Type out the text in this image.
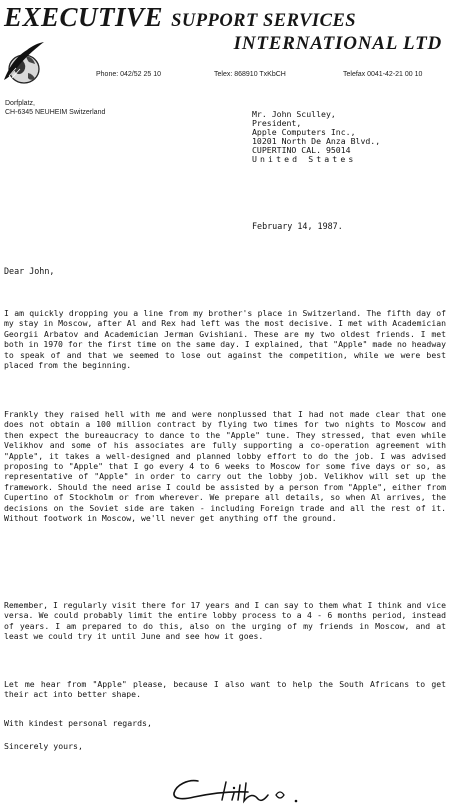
EXECUTIVE SUPPORT SERVICES
INTERNATIONAL LTD
Phone: 042/52 25 10	Telex: 868910 TxKbCH	Telefax 0041-42-21 00 10
Dorfplatz,
CH-6345 NEUHEIM Switzerland	Mr. John Sculley,
President,
Apple Computers Inc.,
10201 North De Anza Blvd.,
CUPERTINO CAL. 95014
United States
February 14, 1987.
Dear John,
I am quickly dropping you a line from my brother's place in Switzerland. The fifth day of my stay in Moscow, after Al and Rex had left was the most decisive. I met with Academician Georgii Arbatov and Academician Jerman Gvishiani. These are my two oldest friends. I met both in 1970 for the first time on the same day. I explained, that "Apple" made no headway to speak of and that we seemed to lose out against the competition, while we were best placed from the beginning.
Frankly they raised hell with me and were nonplussed that I had not made clear that one does not obtain a 100 million contract by flying two times for two nights to Moscow and then expect the bureaucracy to dance to the "Apple" tune. They stressed, that even while Velikhov and some of his associates are fully supporting a co-operation agreement with "Apple", it takes a well-designed and planned lobby effort to do the job. I was advised proposing to "Apple" that I go every 4 to 6 weeks to Moscow for some five days or so, as representative of "Apple" in order to carry out the lobby job. Velikhov will set up the framework. Should the need arise I could be assisted by a person from "Apple", either from Cupertino of Stockholm or from wherever. We prepare all details, so when Al arrives, the decisions on the Soviet side are taken - including Foreign trade and all the rest of it. Without footwork in Moscow, we'll never get anything off the ground.
Remember, I regularly visit there for 17 years and I can say to them what I think and vice versa. We could probably limit the entire lobby process to a 4 - 6 months period, instead of years. I am prepared to do this, also on the urging of my friends in Moscow, and at least we could try it until June and see how it goes.
Let me hear from "Apple" please, because I also want to help the South Africans to get their act into better shape.
With kindest personal regards,
Sincerely yours,
